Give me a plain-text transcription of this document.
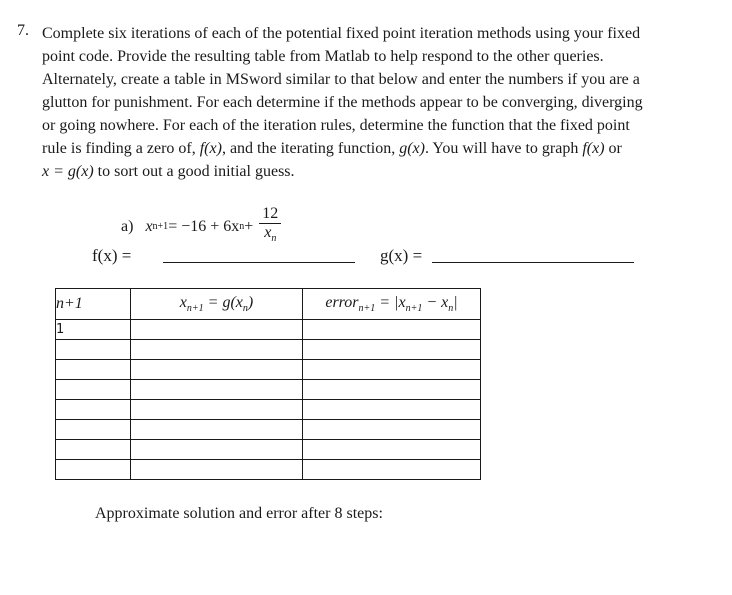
7. Complete six iterations of each of the potential fixed point iteration methods using your fixed
point code. Provide the resulting table from Matlab to help respond to the other queries.
Alternately, create a table in MSword similar to that below and enter the numbers if you are a
glutton for punishment. For each determine if the methods appear to be converging, diverging
or going nowhere. For each of the iteration rules, determine the function that the fixed point
rule is finding a zero of, f(x), and the iterating function, g(x). You will have to graph f(x) or
x = g(x) to sort out a good initial guess.
a) x n+1 = −16 + 6x $n + \frac{12}{x_n}$
f(x) =	g(x) =
n+1	$x_{n+1} = g(x_n)$	error$_{n+1}$ = $|x_{n+1} - x_n|$
1		

Approximate solution and error after 8 steps:
